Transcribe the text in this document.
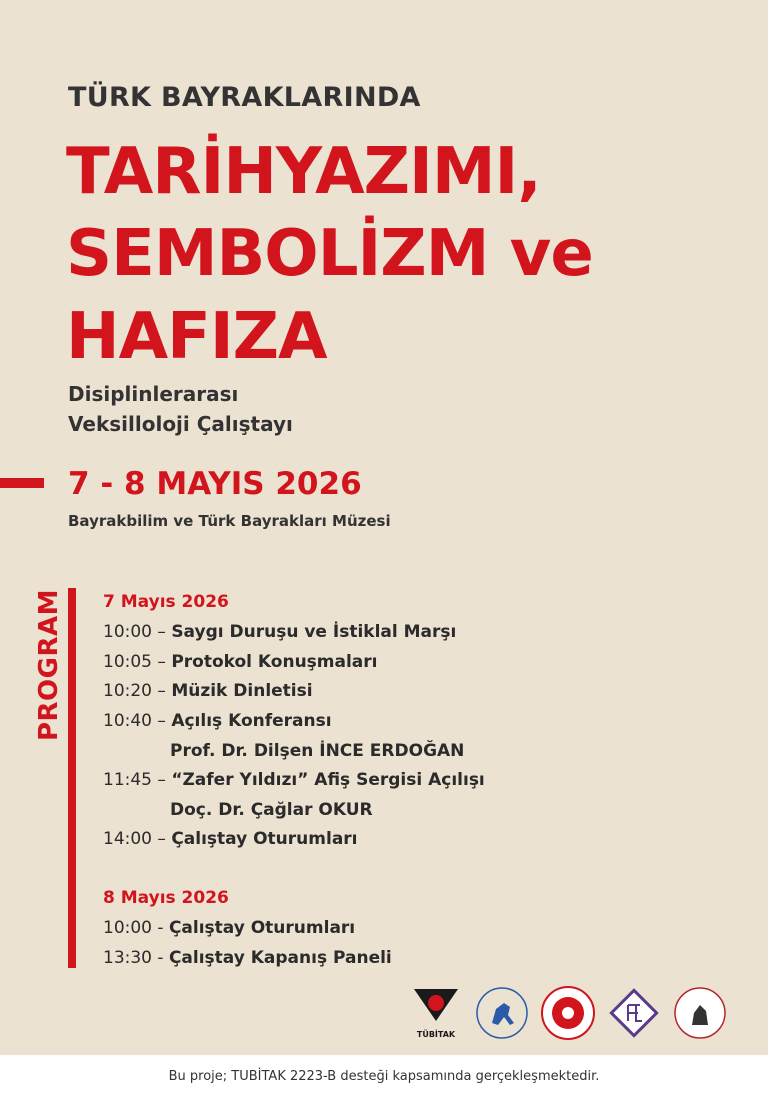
TÜRK BAYRAKLARINDA
TARİHYAZIMI,
SEMBOLİZM ve
HAFIZA
Disiplinlerarası
Veksilloloji Çalıştayı
7 - 8 MAYIS 2026
Bayrakbilim ve Türk Bayrakları Müzesi
PROGRAM 7 Mayıs 2026
10:00 – Saygı Duruşu ve İstiklal Marşı
10:05 – Protokol Konuşmaları
10:20 – Müzik Dinletisi
10:40 – Açılış Konferansı
Prof. Dr. Dilşen İNCE ERDOĞAN
11:45 – “Zafer Yıldızı” Afiş Sergisi Açılışı
Doç. Dr. Çağlar OKUR
14:00 – Çalıştay Oturumları
8 Mayıs 2026
10:00 - Çalıştay Oturumları
13:30 - Çalıştay Kapanış Paneli
TÜBİTAK
Bu proje; TUBİTAK 2223-B desteği kapsamında gerçekleşmektedir.
